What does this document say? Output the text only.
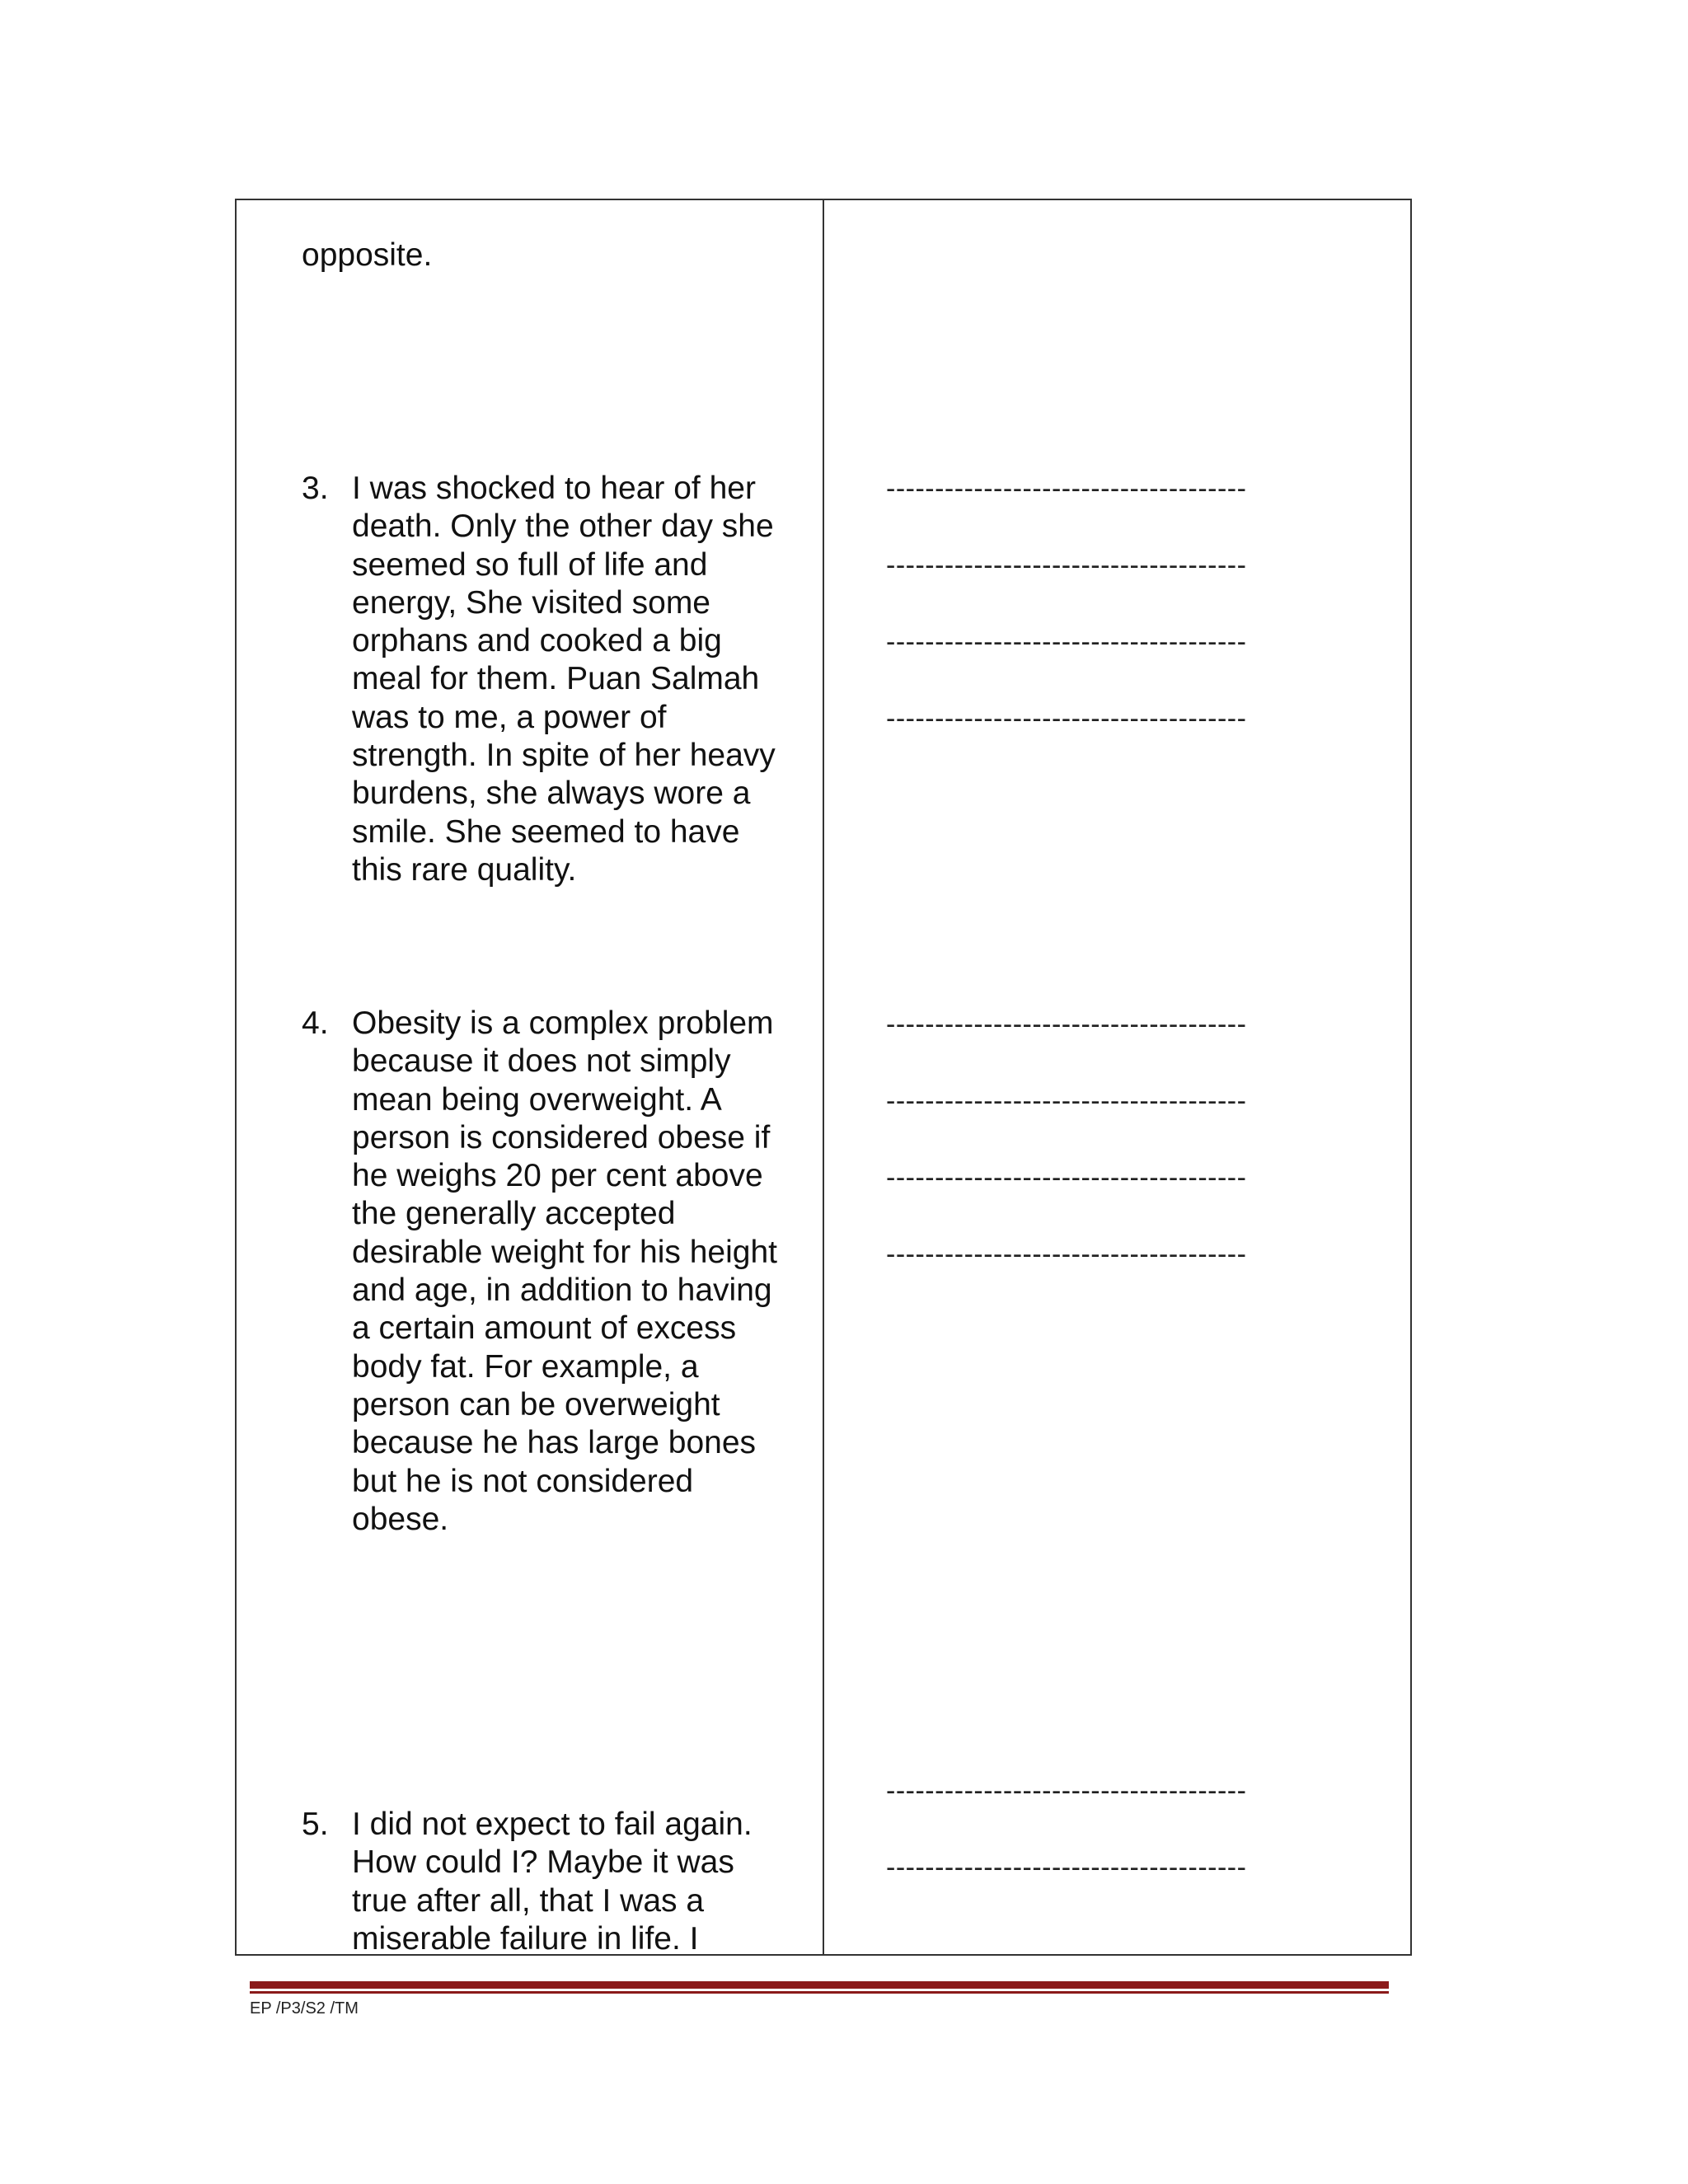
opposite.
3. I was shocked to hear of her
death. Only the other day she
seemed so full of life and
energy, She visited some
orphans and cooked a big
meal for them. Puan Salmah
was to me, a power of
strength. In spite of her heavy
burdens, she always wore a
smile. She seemed to have
this rare quality.
4. Obesity is a complex problem
because it does not simply
mean being overweight. A
person is considered obese if
he weighs 20 per cent above
the generally accepted
desirable weight for his height
and age, in addition to having
a certain amount of excess
body fat. For example, a
person can be overweight
because he has large bones
but he is not considered
obese.
5. I did not expect to fail again.
How could I? Maybe it was
true after all, that I was a
miserable failure in life. I
-------------------------------------
-------------------------------------
-------------------------------------
-------------------------------------
-------------------------------------
-------------------------------------
-------------------------------------
-------------------------------------
-------------------------------------
-------------------------------------
EP /P3/S2 /TM
